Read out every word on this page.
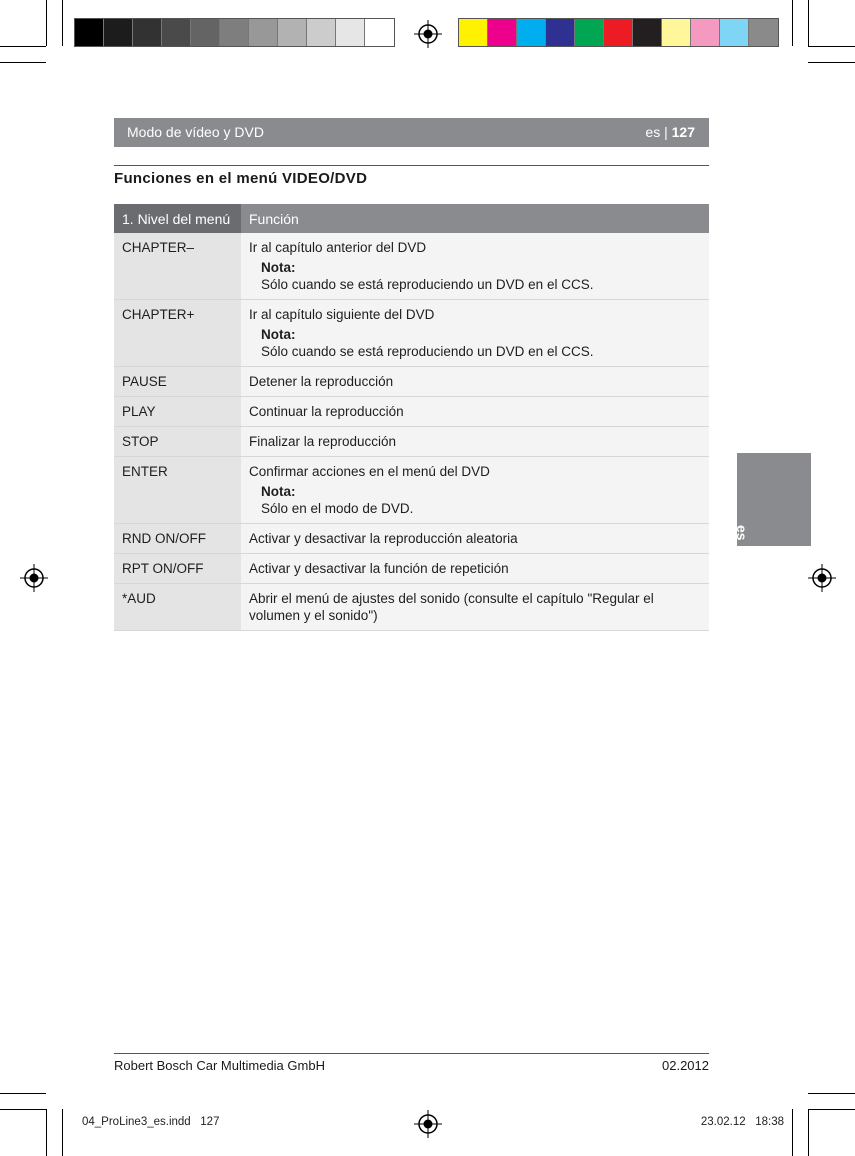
Modo de vídeo y DVD	es | 127
Funciones en el menú VIDEO/DVD
1. Nivel del menú	Función
CHAPTER–	Ir al capítulo anterior del DVD
Nota:
Sólo cuando se está reproduciendo un DVD en el CCS.

CHAPTER+	Ir al capítulo siguiente del DVD
Nota:
Sólo cuando se está reproduciendo un DVD en el CCS.

PAUSE	Detener la reproducción
PLAY	Continuar la reproducción
STOP	Finalizar la reproducción
ENTER	Confirmar acciones en el menú del DVD
Nota:
Sólo en el modo de DVD.

RND ON/OFF	Activar y desactivar la reproducción aleatoria
RPT ON/OFF	Activar y desactivar la función de repetición
*AUD	Abrir el menú de ajustes del sonido (consulte el capítulo "Regular el volumen y el sonido")
es
Robert Bosch Car Multimedia GmbH	02.2012
04_ProLine3_es.indd   127	23.02.12   18:38
